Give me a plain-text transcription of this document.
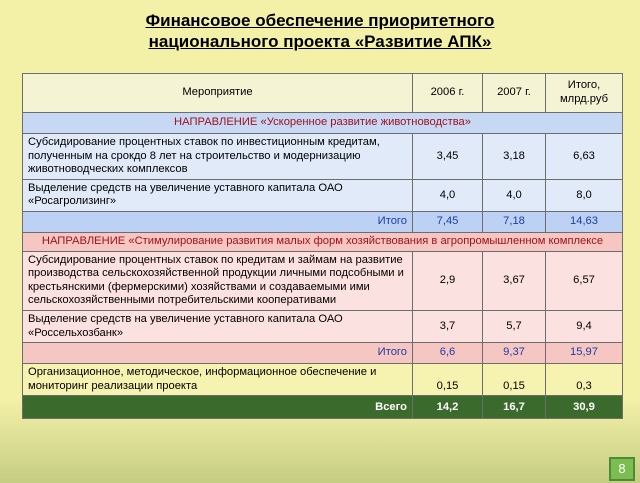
Финансовое обеспечение приоритетного
национального проекта «Развитие АПК»
Мероприятие	2006 г.	2007 г.	Итого, млрд.руб
НАПРАВЛЕНИЕ «Ускоренное развитие животноводства»			
Субсидирование процентных ставок по инвестиционным кредитам, полученным на срокдо 8 лет на строительство и модернизацию животноводческих комплексов	3,45	3,18	6,63
Выделение средств на увеличение уставного капитала ОАО «Росагролизинг»	4,0	4,0	8,0
Итого	7,45	7,18	14,63
НАПРАВЛЕНИЕ «Стимулирование развития малых форм хозяйствования в агропромышленном комплексе			
Субсидирование процентных ставок по кредитам и займам на развитие производства сельскохозяйственной продукции личными подсобными и крестьянскими (фермерскими) хозяйствами и создаваемыми ими сельскохозяйственными потребительскими кооперативами	2,9	3,67	6,57
Выделение средств на увеличение уставного капитала ОАО «Россельхозбанк»	3,7	5,7	9,4
Итого	6,6	9,37	15,97
Организационное, методическое, информационное обеспечение и мониторинг реализации проекта	0,15	0,15	0,3
Всего	14,2	16,7	30,9
8
